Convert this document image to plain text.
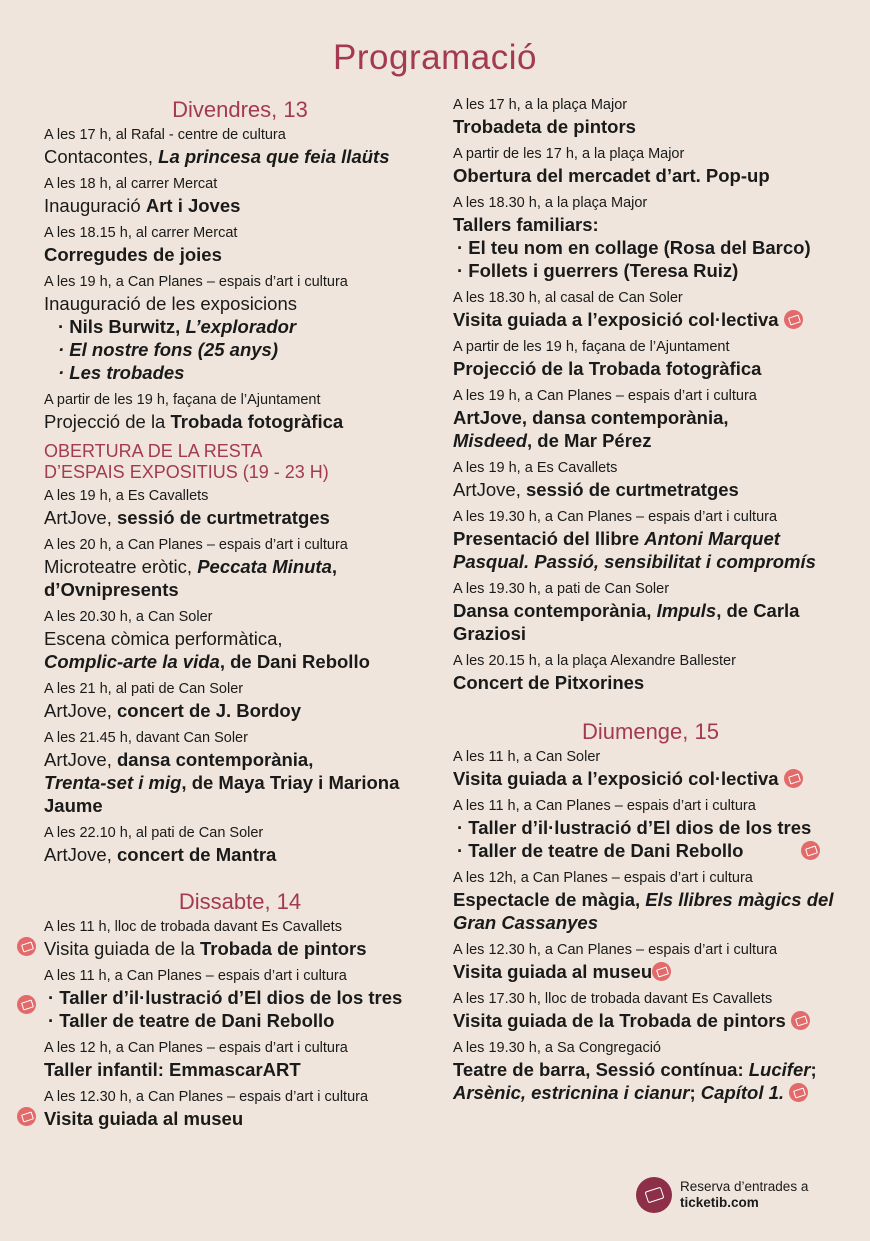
Programació
Divendres, 13
A les 17 h, al Rafal - centre de cultura
Contacontes, La princesa que feia llaüts
A les 18 h, al carrer Mercat
Inauguració Art i Joves
A les 18.15 h, al carrer Mercat
Corregudes de joies
A les 19 h, a Can Planes – espais d’art i cultura
Inauguració de les exposicions
· Nils Burwitz, L’explorador
· El nostre fons (25 anys)
· Les trobades
A partir de les 19 h, façana de l’Ajuntament
Projecció de la Trobada fotogràfica
OBERTURA DE LA RESTA
D’ESPAIS EXPOSITIUS (19 - 23 H)
A les 19 h, a Es Cavallets
ArtJove, sessió de curtmetratges
A les 20 h, a Can Planes – espais d’art i cultura
Microteatre eròtic, Peccata Minuta,
d’Ovnipresents
A les 20.30 h, a Can Soler
Escena còmica performàtica,
Complic-arte la vida, de Dani Rebollo
A les 21 h, al pati de Can Soler
ArtJove, concert de J. Bordoy
A les 21.45 h, davant Can Soler
ArtJove, dansa contemporània,
Trenta-set i mig, de Maya Triay i Mariona Jaume
A les 22.10 h, al pati de Can Soler
ArtJove, concert de Mantra
Dissabte, 14
A les 11 h, lloc de trobada davant Es Cavallets
Visita guiada de la Trobada de pintors
A les 11 h, a Can Planes – espais d’art i cultura
· Taller d’il·lustració d’El dios de los tres
· Taller de teatre de Dani Rebollo
A les 12 h, a Can Planes – espais d’art i cultura
Taller infantil: EmmascarART
A les 12.30 h, a Can Planes – espais d’art i cultura
Visita guiada al museu
A les 17 h, a la plaça Major
Trobadeta de pintors
A partir de les 17 h, a la plaça Major
Obertura del mercadet d’art. Pop-up
A les 18.30 h, a la plaça Major
Tallers familiars:
· El teu nom en collage (Rosa del Barco)
· Follets i guerrers (Teresa Ruiz)
A les 18.30 h, al casal de Can Soler
Visita guiada a l’exposició col·lectiva
A partir de les 19 h, façana de l’Ajuntament
Projecció de la Trobada fotogràfica
A les 19 h, a Can Planes – espais d’art i cultura
ArtJove, dansa contemporània,
Misdeed, de Mar Pérez
A les 19 h, a Es Cavallets
ArtJove, sessió de curtmetratges
A les 19.30 h, a Can Planes – espais d’art i cultura
Presentació del llibre Antoni Marquet Pasqual. Passió, sensibilitat i compromís
A les 19.30 h, a pati de Can Soler
Dansa contemporània, Impuls, de Carla Graziosi
A les 20.15 h, a la plaça Alexandre Ballester
Concert de Pitxorines
Diumenge, 15
A les 11 h, a Can Soler
Visita guiada a l’exposició col·lectiva
A les 11 h, a Can Planes – espais d’art i cultura
· Taller d’il·lustració d’El dios de los tres
· Taller de teatre de Dani Rebollo
A les 12h, a Can Planes – espais d’art i cultura
Espectacle de màgia, Els llibres màgics del Gran Cassanyes
A les 12.30 h, a Can Planes – espais d’art i cultura
Visita guiada al museu
A les 17.30 h, lloc de trobada davant Es Cavallets
Visita guiada de la Trobada de pintors
A les 19.30 h, a Sa Congregació
Teatre de barra, Sessió contínua: Lucifer;
Arsènic, estricnina i cianur; Capítol 1.
Reserva d’entrades a
ticketib.com
